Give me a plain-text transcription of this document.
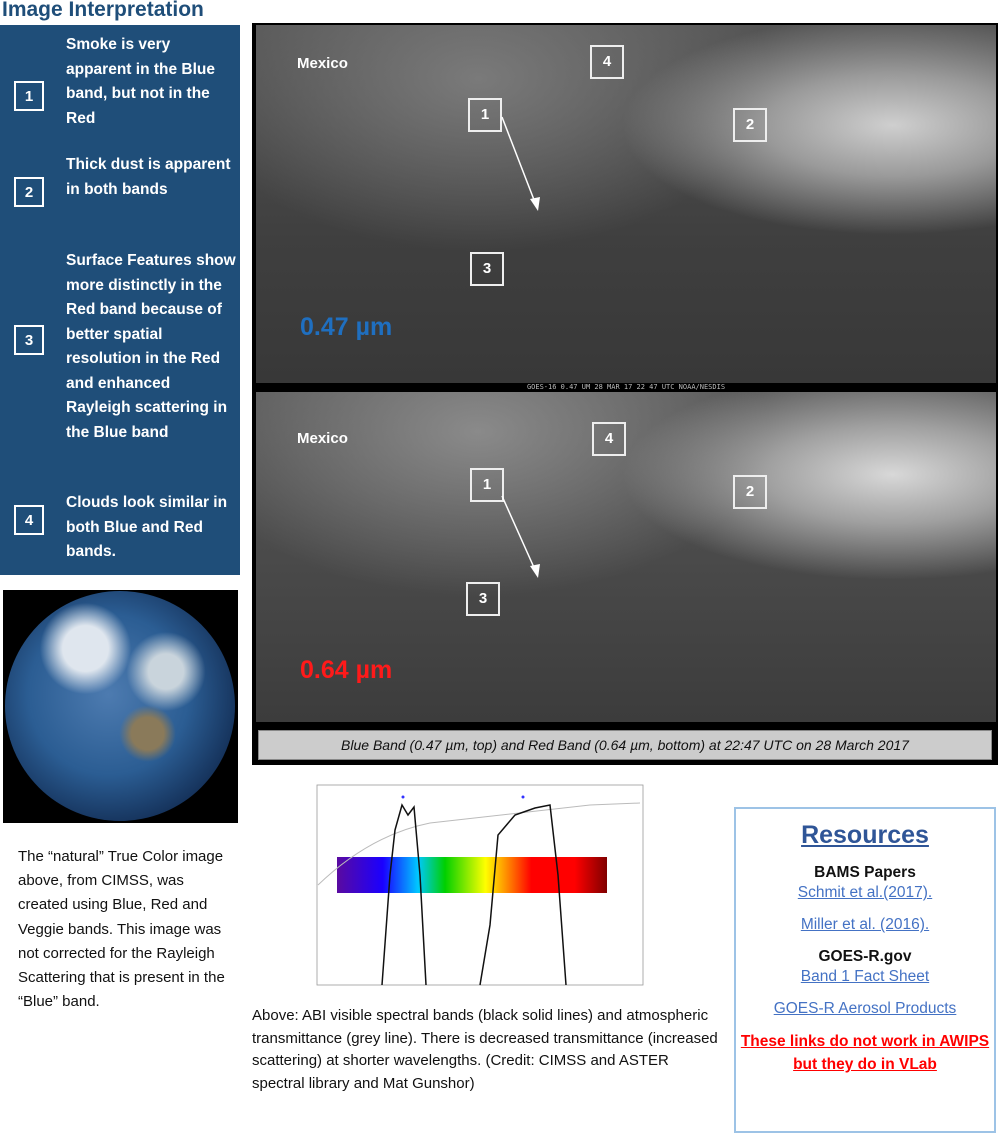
Image Interpretation
1
Smoke is very apparent in the Blue band, but not in the Red
2
Thick dust is apparent in both bands
3
Surface Features show more distinctly in the Red band because of better spatial resolution in the Red and enhanced Rayleigh scattering in the Blue band
4
Clouds look similar in both Blue and Red bands.
The “natural” True Color image above, from CIMSS, was created using Blue, Red and Veggie bands. This image was not corrected for the Rayleigh Scattering that is present in the “Blue” band.
Mexico
1
2
3
4
0.47 µm
GOES-16 0.47 UM 28 MAR 17 22 47 UTC NOAA/NESDIS
Mexico
1	2
3
4
0.64 µm
Blue Band (0.47 µm, top) and Red Band (0.64 µm, bottom) at 22:47 UTC on 28 March 2017
Above: ABI visible spectral bands (black solid lines) and atmospheric transmittance (grey line). There is decreased transmittance (increased scattering) at shorter wavelengths. (Credit: CIMSS and ASTER spectral library and Mat Gunshor)
Resources
BAMS Papers
Schmit et al.(2017).
Miller et al. (2016).
GOES-R.gov
Band 1 Fact Sheet
GOES-R Aerosol Products
These links do not work in AWIPS but they do in VLab
